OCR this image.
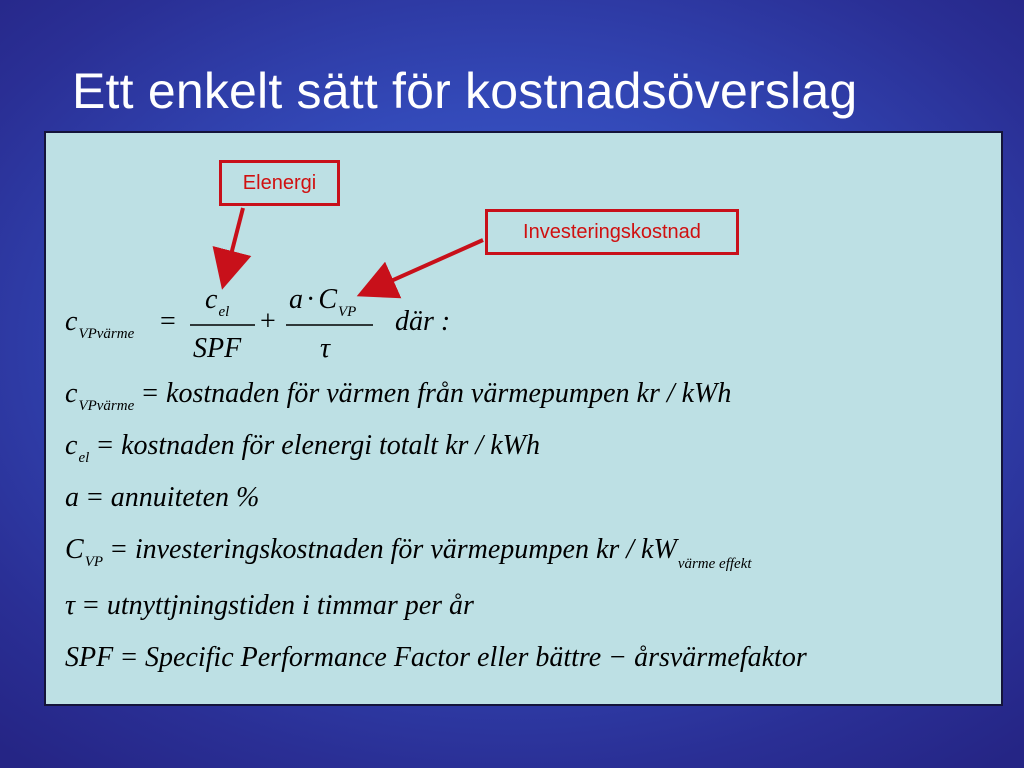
Ett enkelt sätt för kostnadsöverslag
Elenergi
Investeringskostnad
$c_{VPvärme}$ =
$c_{el}$
SPF
+
$a \cdot C_{VP}$
τ
där :
$c_{VPvärme}$ = kostnaden för värmen från värmepumpen kr / kWh
$c_{el}$ = kostnaden för elenergi totalt kr / kWh
a = annuiteten %
$C_{VP}$ = investeringskostnaden för värmepumpen kr / $kW_{värme effekt}$
τ = utnyttjningstiden i timmar per år
SPF = Specific Performance Factor eller bättre − årsvärmefaktor
